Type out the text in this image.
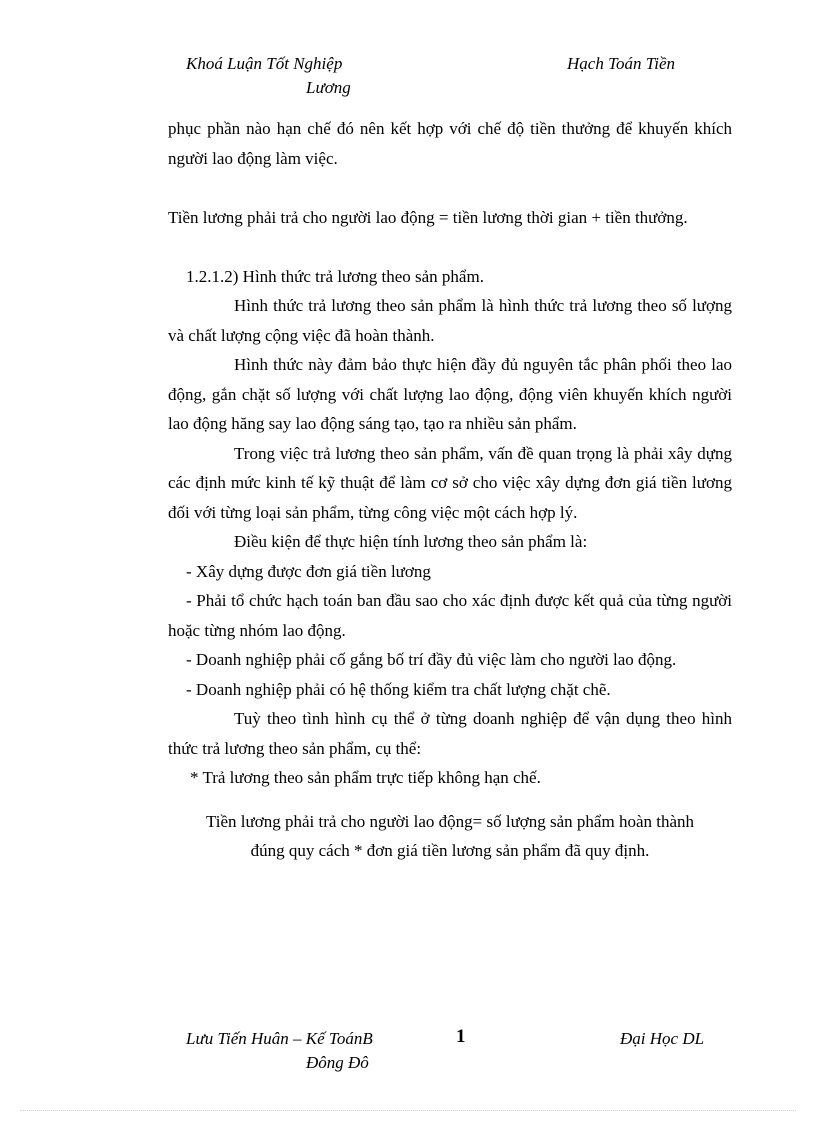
Khoá Luận Tốt Nghiệp
Lương
Hạch Toán Tiền

phục phần nào hạn chế đó nên kết hợp với chế độ tiền thưởng để khuyến khích người lao động làm việc.

Tiền lương phải trả cho người lao động = tiền lương thời gian + tiền thưởng.

1.2.1.2) Hình thức trả lương theo sản phẩm.

Hình thức trả lương theo sản phẩm là hình thức trả lương theo số lượng và chất lượng cộng việc đã hoàn thành.

Hình thức này đảm bảo thực hiện đầy đủ nguyên tắc phân phối theo lao động, gắn chặt số lượng với chất lượng lao động, động viên khuyến khích người lao động hăng say lao động sáng tạo, tạo ra nhiều sản phẩm.

Trong việc trả lương theo sản phẩm, vấn đề quan trọng là phải xây dựng các định mức kinh tế kỹ thuật để làm cơ sở cho việc xây dựng đơn giá tiền lương đối với từng loại sản phẩm, từng công việc một cách hợp lý.

Điều kiện để thực hiện tính lương theo sản phẩm là:

- Xây dựng được đơn giá tiền lương

- Phải tổ chức hạch toán ban đầu sao cho xác định được kết quả của từng người hoặc từng nhóm lao động.

- Doanh nghiệp phải cố gắng bố trí đầy đủ việc làm cho người lao động.

- Doanh nghiệp phải có hệ thống kiểm tra chất lượng chặt chẽ.

Tuỳ theo tình hình cụ thể ở từng doanh nghiệp để vận dụng theo hình thức trả lương theo sản phẩm, cụ thể:

* Trả lương theo sản phẩm trực tiếp không hạn chế.

Tiền lương phải trả cho người lao động= số lượng sản phẩm hoàn thành

đúng quy cách * đơn giá tiền lương sản phẩm đã quy định.

Lưu Tiến Huân – Kế ToánB
Đông Đô
1	Đại Học DL
